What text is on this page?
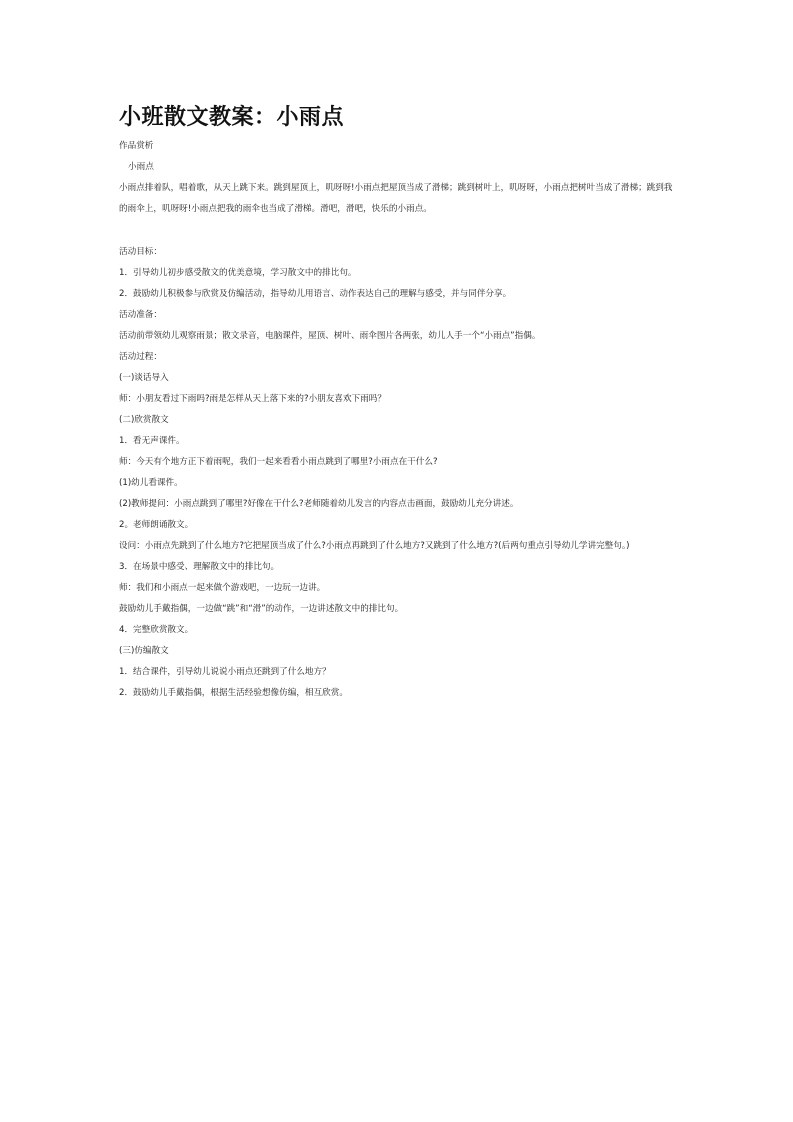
小班散文教案：小雨点
作品赏析
小雨点
小雨点排着队，唱着歌，从天上跳下来。跳到屋顶上，叽呀呀!小雨点把屋顶当成了滑梯；跳到树叶上，叽呀呀，小雨点把树叶当成了滑梯；跳到我的雨伞上，叽呀呀!小雨点把我的雨伞也当成了滑梯。滑吧，滑吧，快乐的小雨点。
活动目标：
1．引导幼儿初步感受散文的优美意境，学习散文中的排比句。
2．鼓励幼儿积极参与欣赏及仿编活动，指导幼儿用语言、动作表达自己的理解与感受，并与同伴分享。
活动准备：
活动前带领幼儿观察雨景；散文录音，电脑课件，屋顶、树叶、雨伞图片各两张，幼儿人手一个“小雨点”指偶。
活动过程：
(一)谈话导入
师：小朋友看过下雨吗?雨是怎样从天上落下来的?小朋友喜欢下雨吗？
(二)欣赏散文
1．看无声课件。
师：今天有个地方正下着雨呢，我们一起来看看小雨点跳到了哪里?小雨点在干什么?
(1)幼儿看课件。
(2)教师提问：小雨点跳到了哪里?好像在干什么?老师随着幼儿发言的内容点击画面，鼓励幼儿充分讲述。
2。老师朗诵散文。
设问：小雨点先跳到了什么地方?它把屋顶当成了什么?小雨点再跳到了什么地方?又跳到了什么地方?(后两句重点引导幼儿学讲完整句。)
3．在场景中感受、理解散文中的排比句。
师：我们和小雨点一起来做个游戏吧，一边玩一边讲。
鼓励幼儿手戴指偶，一边做“跳”和“滑”的动作，一边讲述散文中的排比句。
4．完整欣赏散文。
(三)仿编散文
1．结合课件，引导幼儿说说小雨点还跳到了什么地方？
2．鼓励幼儿手戴指偶，根据生活经验想像仿编，相互欣赏。
